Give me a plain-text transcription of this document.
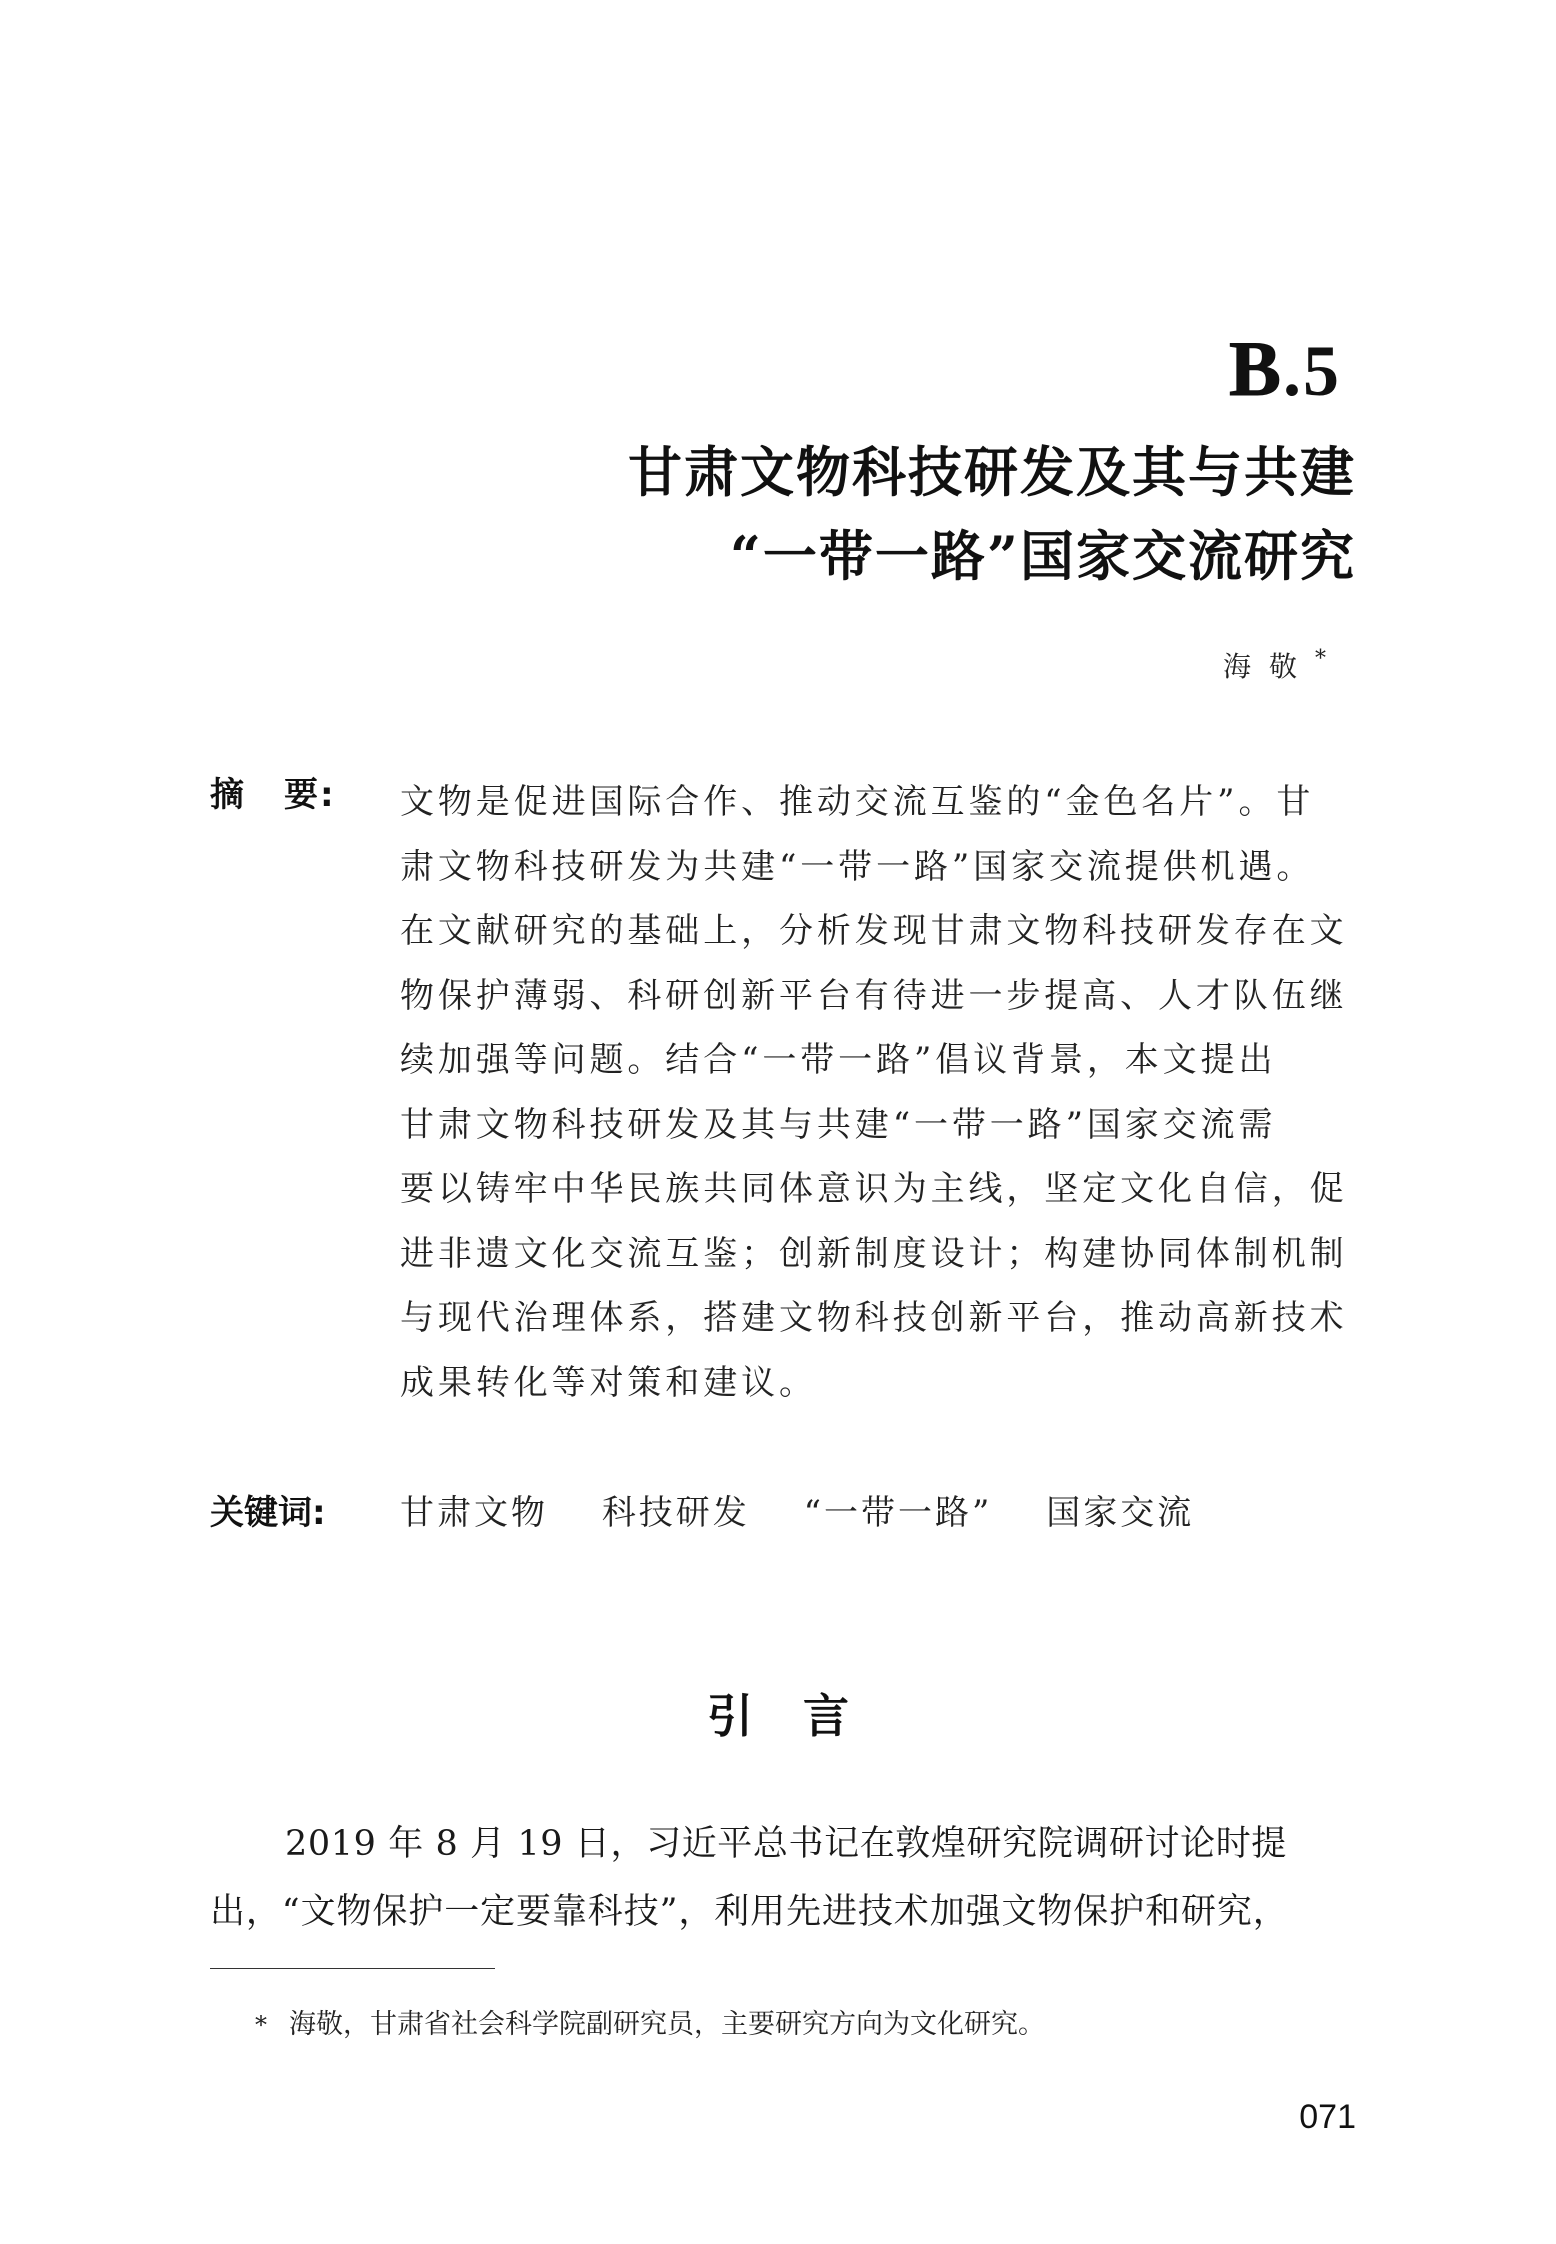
B.5
甘肃文物科技研发及其与共建
“一带一路”国家交流研究
海敬*
摘 要: 文物是促进国际合作、推动交流互鉴的“金色名片”。甘
肃文物科技研发为共建“一带一路”国家交流提供机遇。
在文献研究的基础上，分析发现甘肃文物科技研发存在文
物保护薄弱、科研创新平台有待进一步提高、人才队伍继
续加强等问题。结合“一带一路”倡议背景，本文提出
甘肃文物科技研发及其与共建“一带一路”国家交流需
要以铸牢中华民族共同体意识为主线，坚定文化自信，促
进非遗文化交流互鉴；创新制度设计；构建协同体制机制
与现代治理体系，搭建文物科技创新平台，推动高新技术
成果转化等对策和建议。
关键词: 甘肃文物 科技研发 “一带一路” 国家交流
引言
2019 年 8 月 19 日，习近平总书记在敦煌研究院调研讨论时提
出，“文物保护一定要靠科技”，利用先进技术加强文物保护和研究，
* 海敬，甘肃省社会科学院副研究员，主要研究方向为文化研究。
071
